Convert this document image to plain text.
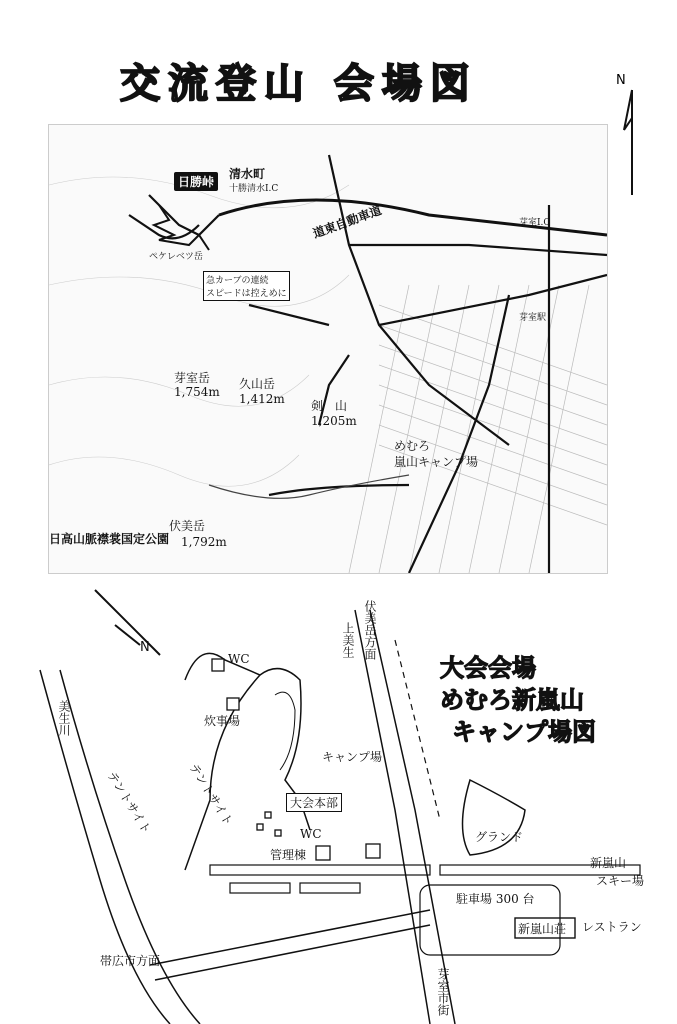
交流登山 会場図	N
日勝峠
清水町
十勝清水I.C
道東自動車道
ペケレベツ岳
急カーブの連続
スピードは控えめに
芽室岳
1,754m
久山岳
1,412m 剣　山
1,205m
伏美岳
1,792m
日高山脈襟裳国定公園
めむろ
嵐山キャンプ場
芽室I.C
芽室駅
大会会場
めむろ新嵐山
キャンプ場図
N
美生川
伏美岳方面
上美生
帯広市方面
芽室市街
WC
炊事場
キャンプ場
テントサイト	テントサイト	大会本部
WC
管理棟
グランド
新嵐山
スキー場
駐車場 300 台
新嵐山荘 レストラン
